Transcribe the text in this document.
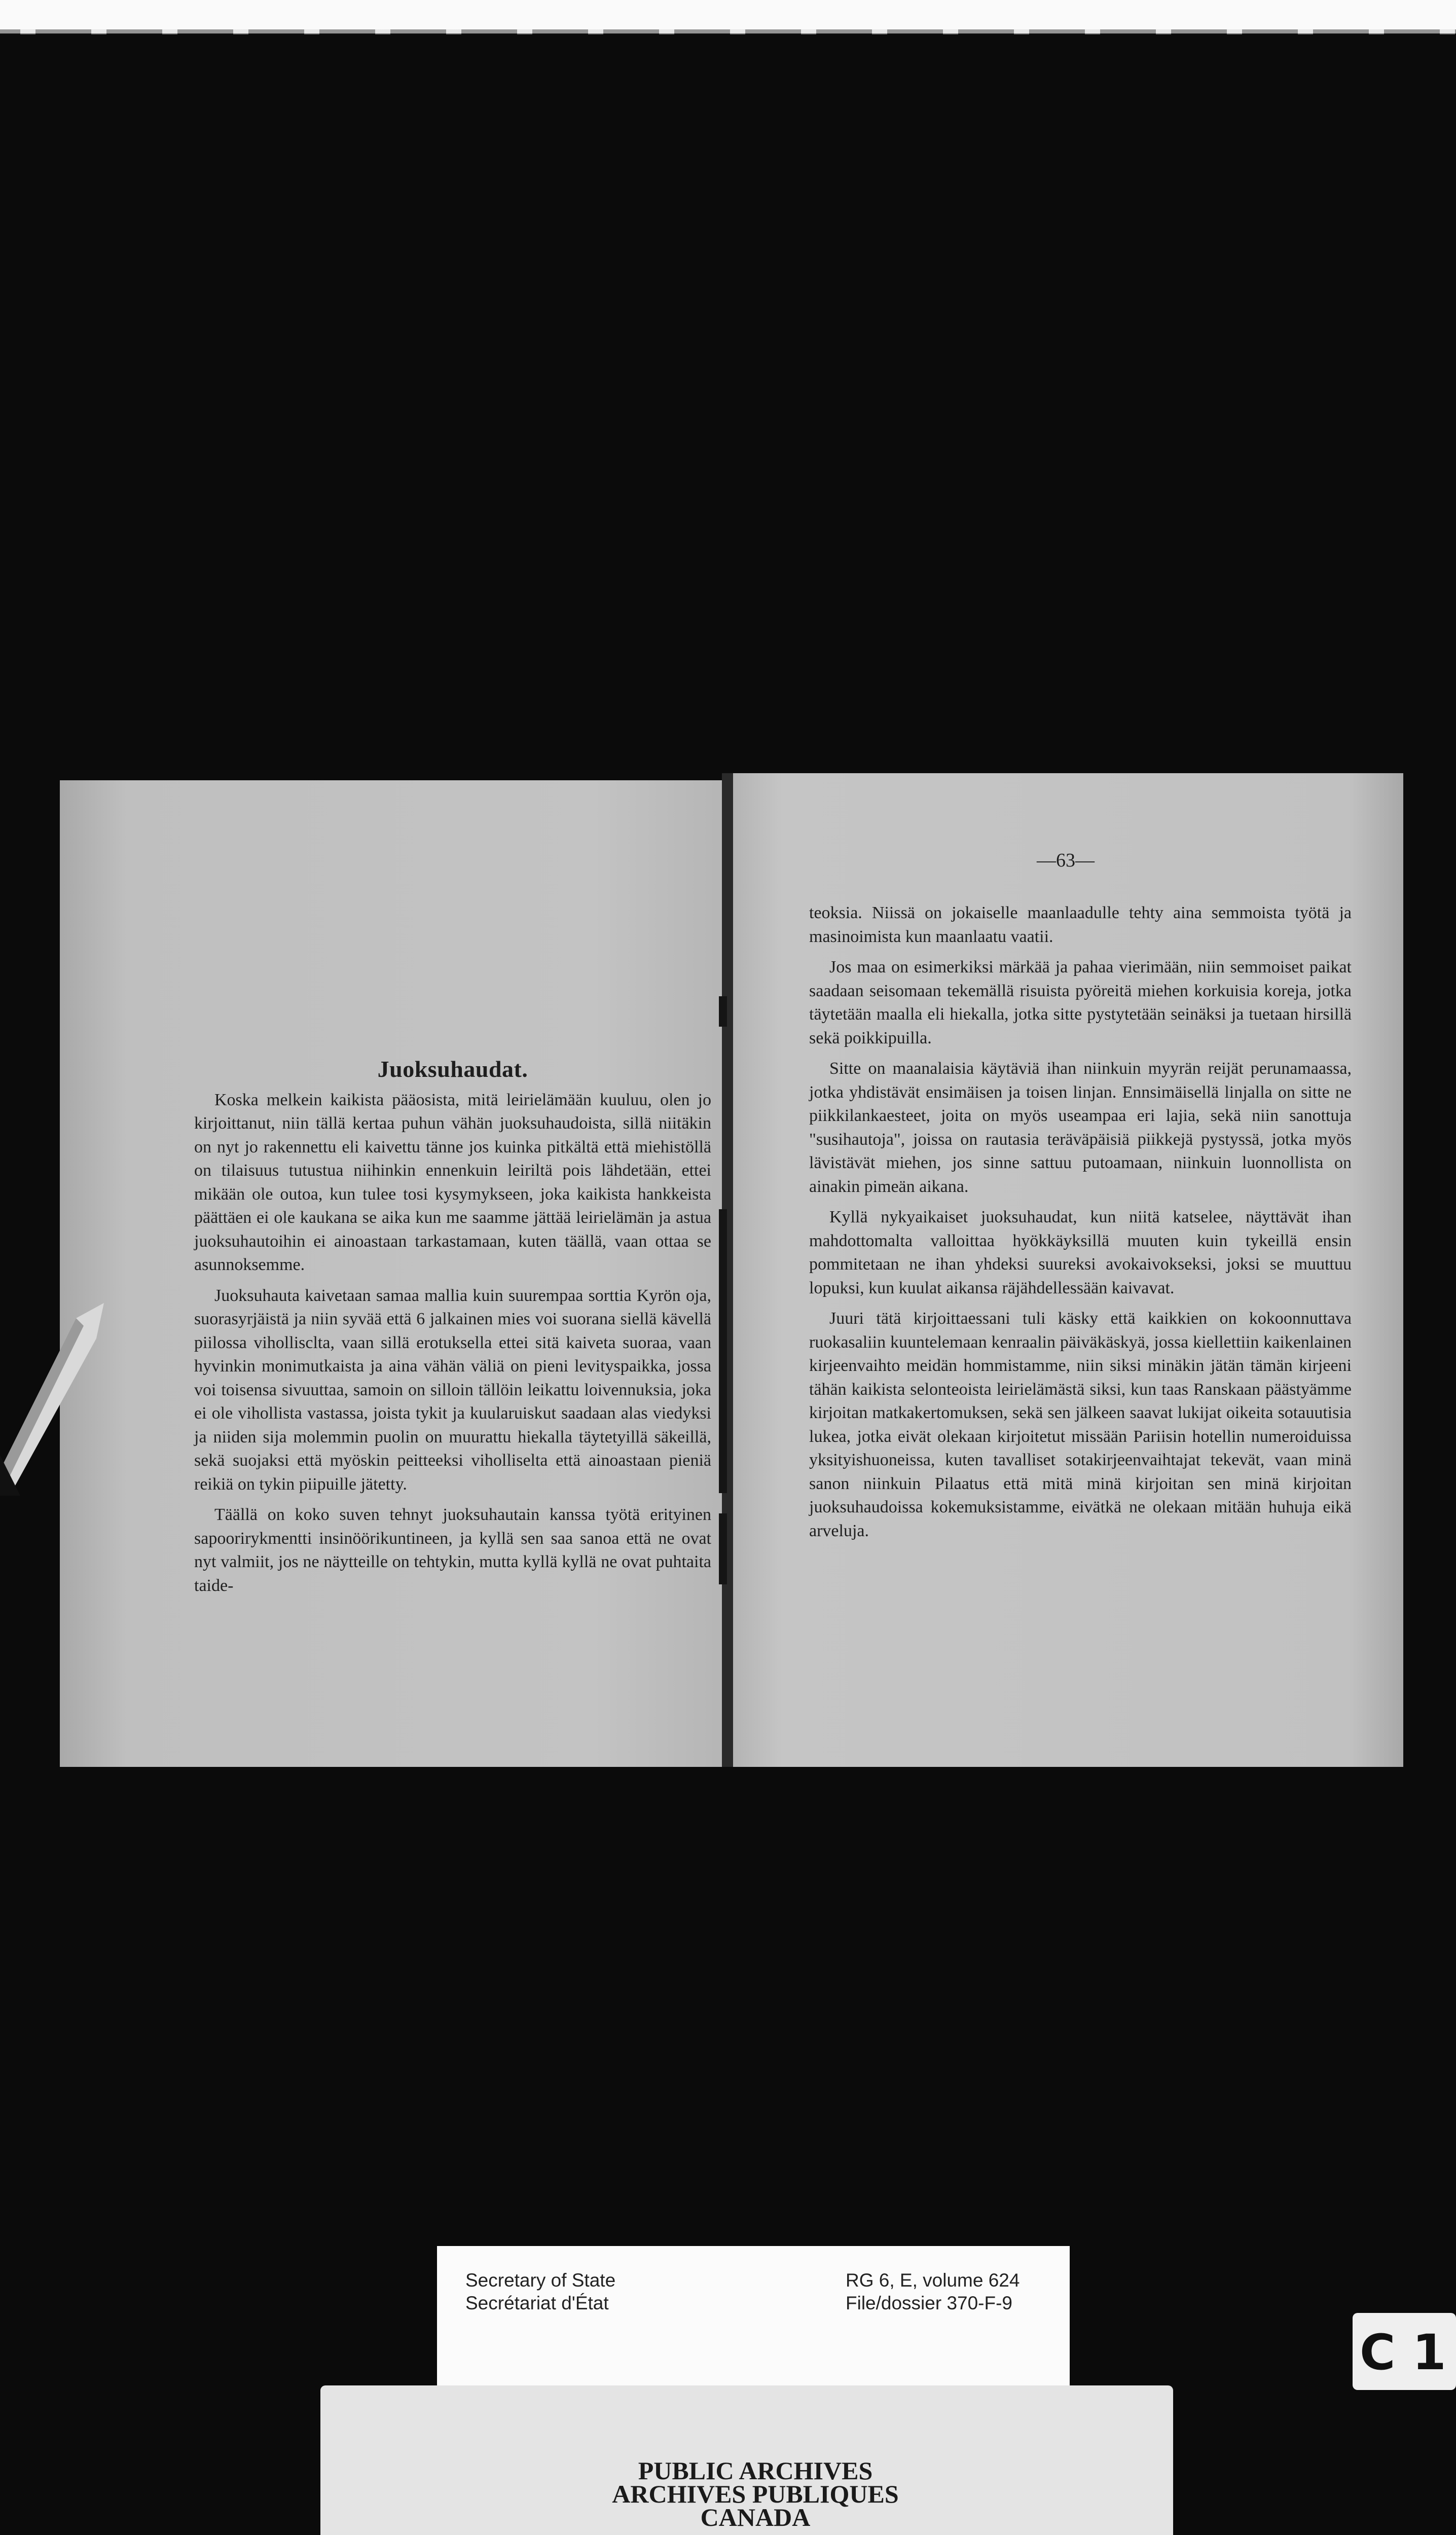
Juoksuhaudat.

Koska melkein kaikista pääosista, mitä leirielämään kuuluu, olen jo kirjoittanut, niin tällä kertaa puhun vähän juoksuhaudoista, sillä niitäkin on nyt jo rakennettu eli kaivettu tänne jos kuinka pitkältä että miehistöllä on tilaisuus tutustua niihinkin ennenkuin leiriltä pois lähdetään, ettei mikään ole outoa, kun tulee tosi kysymykseen, joka kaikista hankkeista päättäen ei ole kaukana se aika kun me saamme jättää leirielämän ja astua juoksuhautoihin ei ainoastaan tarkastamaan, kuten täällä, vaan ottaa se asunnoksemme.

Juoksuhauta kaivetaan samaa mallia kuin suurempaa sorttia Kyrön oja, suorasyrjäistä ja niin syvää että 6 jalkainen mies voi suorana siellä kävellä piilossa vihollisclta, vaan sillä erotuksella ettei sitä kaiveta suoraa, vaan hyvinkin monimutkaista ja aina vähän väliä on pieni levityspaikka, jossa voi toisensa sivuuttaa, samoin on silloin tällöin leikattu loivennuksia, joka ei ole vihollista vastassa, joista tykit ja kuularuiskut saadaan alas viedyksi ja niiden sija molemmin puolin on muurattu hiekalla täytetyillä säkeillä, sekä suojaksi että myöskin peitteeksi viholliselta että ainoastaan pieniä reikiä on tykin piipuille jätetty.

Täällä on koko suven tehnyt juoksuhautain kanssa työtä erityinen sapoorirykmentti insinöörikuntineen, ja kyllä sen saa sanoa että ne ovat nyt valmiit, jos ne näytteille on tehtykin, mutta kyllä kyllä ne ovat puhtaita taide-

—63—

teoksia. Niissä on jokaiselle maanlaadulle tehty aina semmoista työtä ja masinoimista kun maanlaatu vaatii.

Jos maa on esimerkiksi märkää ja pahaa vierimään, niin semmoiset paikat saadaan seisomaan tekemällä risuista pyöreitä miehen korkuisia koreja, jotka täytetään maalla eli hiekalla, jotka sitte pystytetään seinäksi ja tuetaan hirsillä sekä poikkipuilla.

Sitte on maanalaisia käytäviä ihan niinkuin myyrän reijät perunamaassa, jotka yhdistävät ensimäisen ja toisen linjan. Ennsimäisellä linjalla on sitte ne piikkilankaesteet, joita on myös useampaa eri lajia, sekä niin sanottuja "susihautoja", joissa on rautasia teräväpäisiä piikkejä pystyssä, jotka myös lävistävät miehen, jos sinne sattuu putoamaan, niinkuin luonnollista on ainakin pimeän aikana.

Kyllä nykyaikaiset juoksuhaudat, kun niitä katselee, näyttävät ihan mahdottomalta valloittaa hyökkäyksillä muuten kuin tykeillä ensin pommitetaan ne ihan yhdeksi suureksi avokaivokseksi, joksi se muuttuu lopuksi, kun kuulat aikansa räjähdellessään kaivavat.

Juuri tätä kirjoittaessani tuli käsky että kaikkien on kokoonnuttava ruokasaliin kuuntelemaan kenraalin päiväkäskyä, jossa kiellettiin kaikenlainen kirjeenvaihto meidän hommistamme, niin siksi minäkin jätän tämän kirjeeni tähän kaikista selonteoista leirielämästä siksi, kun taas Ranskaan päästyämme kirjoitan matkakertomuksen, sekä sen jälkeen saavat lukijat oikeita sotauutisia lukea, jotka eivät olekaan kirjoitetut missään Pariisin hotellin numeroiduissa yksityishuoneissa, kuten tavalliset sotakirjeenvaihtajat tekevät, vaan minä sanon niinkuin Pilaatus että mitä minä kirjoitan sen minä kirjoitan juoksuhaudoissa kokemuksistamme, eivätkä ne olekaan mitään huhuja eikä arveluja.

Secretary of State
Secrétariat d'État
RG 6, E, volume 624
File/dossier 370-F-9
PUBLIC ARCHIVES
ARCHIVES PUBLIQUES
CANADA
C 1
